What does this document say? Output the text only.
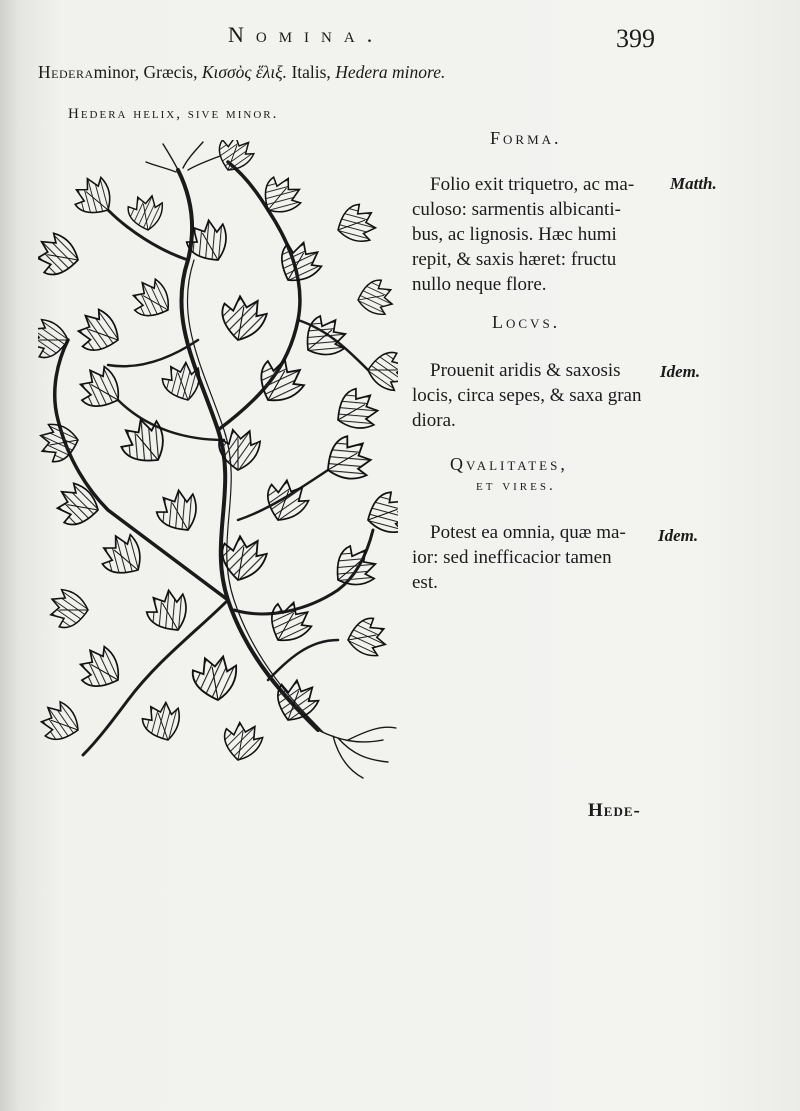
Nomina.	399
Hederaminor, Græcis, Κισσὸς ἕλιξ. Italis, Hedera minore.
Hedera helix, sive minor.
Forma.
Folio exit triquetro, ac ma-
culoso: sarmentis albicanti-
bus, ac lignosis. Hæc humi
repit, & saxis hæret: fructu
nullo neque flore.
Matth.
Locvs.
Prouenit aridis & saxosis
locis, circa sepes, & saxa gran
diora.
Idem.
Qvalitates,
et vires.
Potest ea omnia, quæ ma-
ior: sed inefficacior tamen
est.
Idem.
Hede-
